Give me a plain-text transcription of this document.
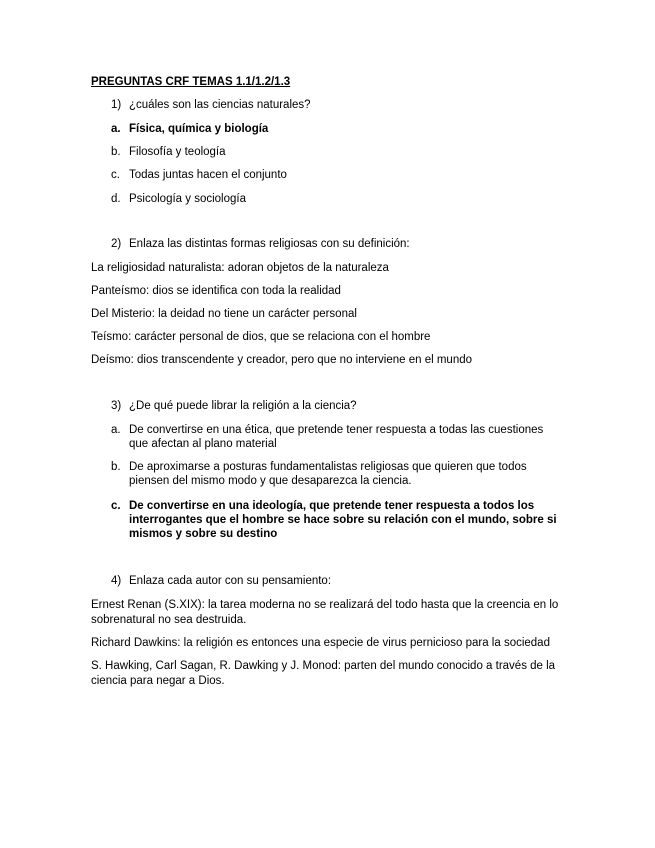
PREGUNTAS CRF TEMAS 1.1/1.2/1.3
1) ¿cuáles son las ciencias naturales?
a. Física, química y biología
b. Filosofía y teología
c. Todas juntas hacen el conjunto
d. Psicología y sociología
2) Enlaza las distintas formas religiosas con su definición:
La religiosidad naturalista: adoran objetos de la naturaleza
Panteísmo: dios se identifica con toda la realidad
Del Misterio: la deidad no tiene un carácter personal
Teísmo: carácter personal de dios, que se relaciona con el hombre
Deísmo: dios transcendente y creador, pero que no interviene en el mundo
3) ¿De qué puede librar la religión a la ciencia?
a. De convertirse en una ética, que pretende tener respuesta a todas las cuestiones que afectan al plano material
b. De aproximarse a posturas fundamentalistas religiosas que quieren que todos piensen del mismo modo y que desaparezca la ciencia.
c. De convertirse en una ideología, que pretende tener respuesta a todos los interrogantes que el hombre se hace sobre su relación con el mundo, sobre si mismos y sobre su destino
4) Enlaza cada autor con su pensamiento:
Ernest Renan (S.XIX): la tarea moderna no se realizará del todo hasta que la creencia en lo sobrenatural no sea destruida.
Richard Dawkins: la religión es entonces una especie de virus pernicioso para la sociedad
S. Hawking, Carl Sagan, R. Dawking y J. Monod: parten del mundo conocido a través de la ciencia para negar a Dios.
